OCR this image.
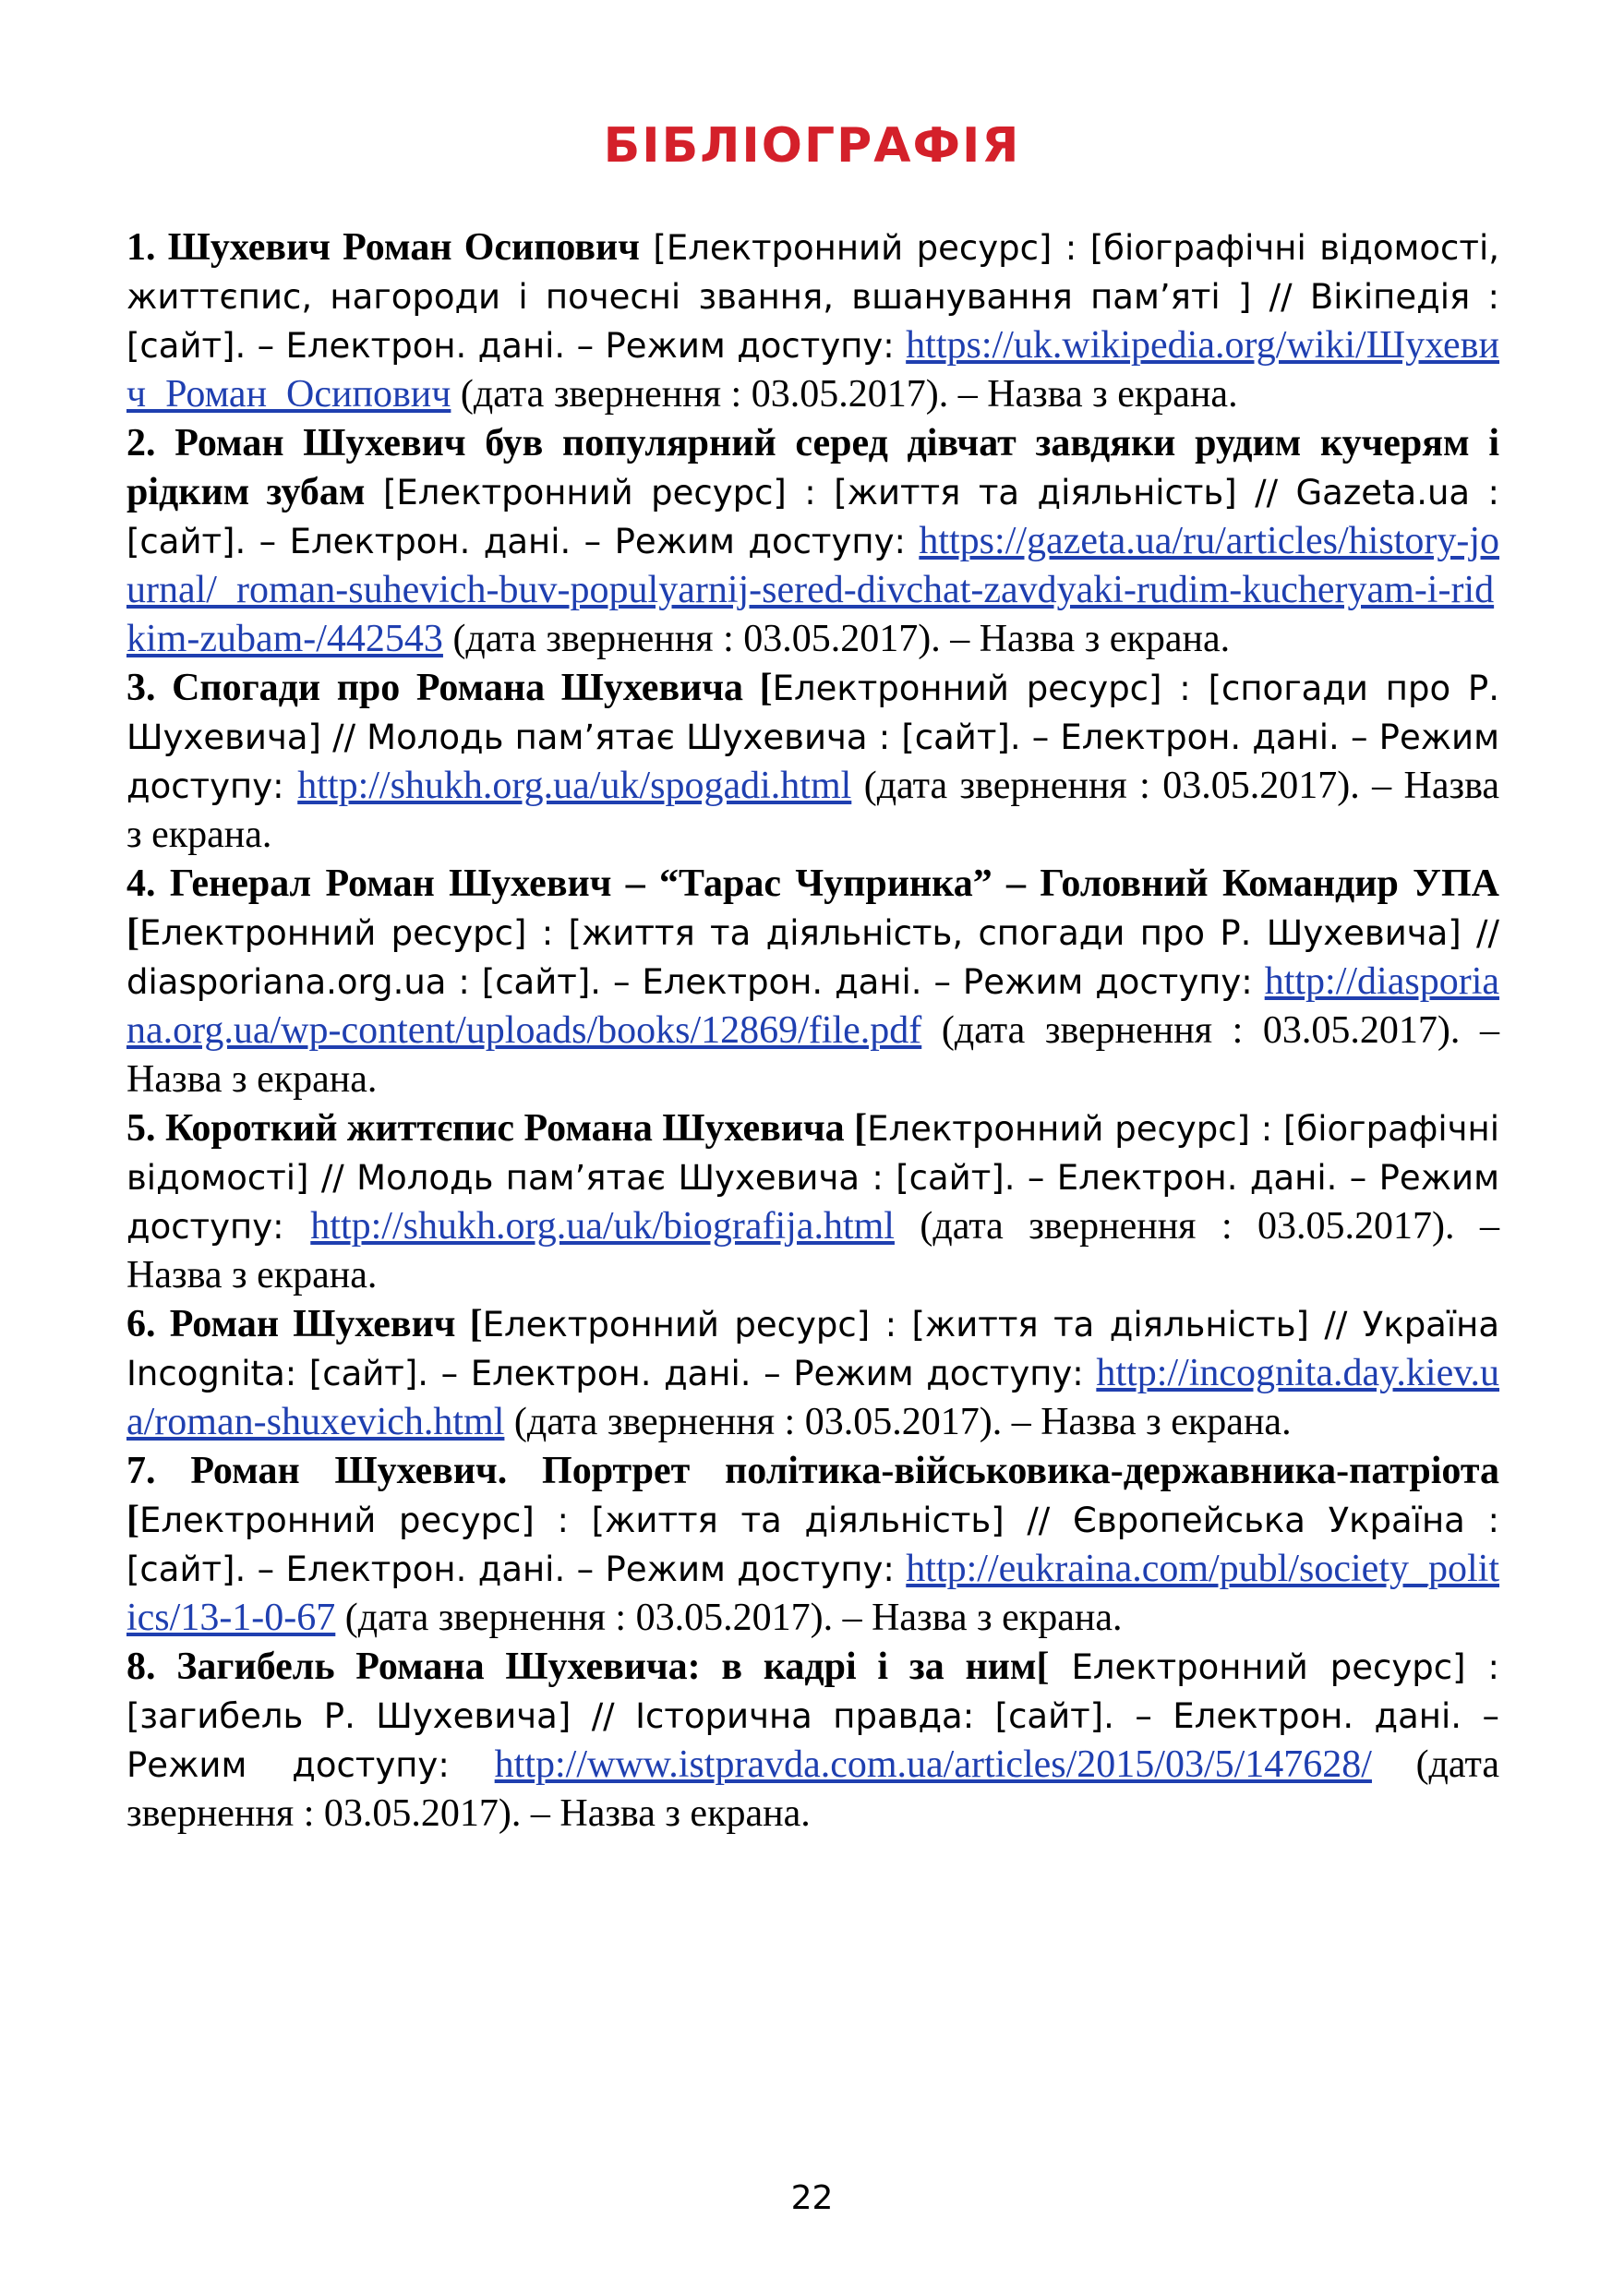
БІБЛІОГРАФІЯ
1. Шухевич Роман Осипович [Електронний ресурс] : [біографічні відомості, життєпис, нагороди і почесні звання, вшанування пам’яті ] // Вікіпедія : [сайт]. – Електрон. дані. – Режим доступу: https://uk.wikipedia.org/wiki/Шухевич_Роман_Осипович (дата звернення : 03.05.2017). – Назва з екрана.
2. Роман Шухевич був популярний серед дівчат завдяки рудим кучерям і рідким зубам [Електронний ресурс] : [життя та діяльність] // Gazeta.ua : [сайт]. – Електрон. дані. – Режим доступу: https://gazeta.ua/ru/articles/history-journal/_roman-suhevich-buv-populyarnij-sered-divchat-zavdyaki-rudim-kucheryam-i-ridkim-zubam-/442543 (дата звернення : 03.05.2017). – Назва з екрана.
3. Спогади про Романа Шухевича [Електронний ресурс] : [спогади про Р. Шухевича] // Молодь пам’ятає Шухевича : [сайт]. – Електрон. дані. – Режим доступу: http://shukh.org.ua/uk/spogadi.html (дата звернення : 03.05.2017). – Назва з екрана.
4. Генерал Роман Шухевич – “Тарас Чупринка” – Головний Командир УПА [Електронний ресурс] : [життя та діяльність, спогади про Р. Шухевича] // diasporiana.org.ua : [сайт]. – Електрон. дані. – Режим доступу: http://diasporiana.org.ua/wp-content/uploads/books/12869/file.pdf (дата звернення : 03.05.2017). – Назва з екрана.
5. Короткий життєпис Романа Шухевича [Електронний ресурс] : [біографічні відомості] // Молодь пам’ятає Шухевича : [сайт]. – Електрон. дані. – Режим доступу: http://shukh.org.ua/uk/biografija.html (дата звернення : 03.05.2017). – Назва з екрана.
6. Роман Шухевич [Електронний ресурс] : [життя та діяльність] // Україна Incognita: [сайт]. – Електрон. дані. – Режим доступу: http://incognita.day.kiev.ua/roman-shuxevich.html (дата звернення : 03.05.2017). – Назва з екрана.
7. Роман Шухевич. Портрет політика-військовика-державника-патріота [Електронний ресурс] : [життя та діяльність] // Європейська Україна : [сайт]. – Електрон. дані. – Режим доступу: http://eukraina.com/publ/society_politics/13-1-0-67 (дата звернення : 03.05.2017). – Назва з екрана.
8. Загибель Романа Шухевича: в кадрі і за ним[ Електронний ресурс] : [загибель Р. Шухевича] // Історична правда: [сайт]. – Електрон. дані. – Режим доступу: http://www.istpravda.com.ua/articles/2015/03/5/147628/ (дата звернення : 03.05.2017). – Назва з екрана.
22
